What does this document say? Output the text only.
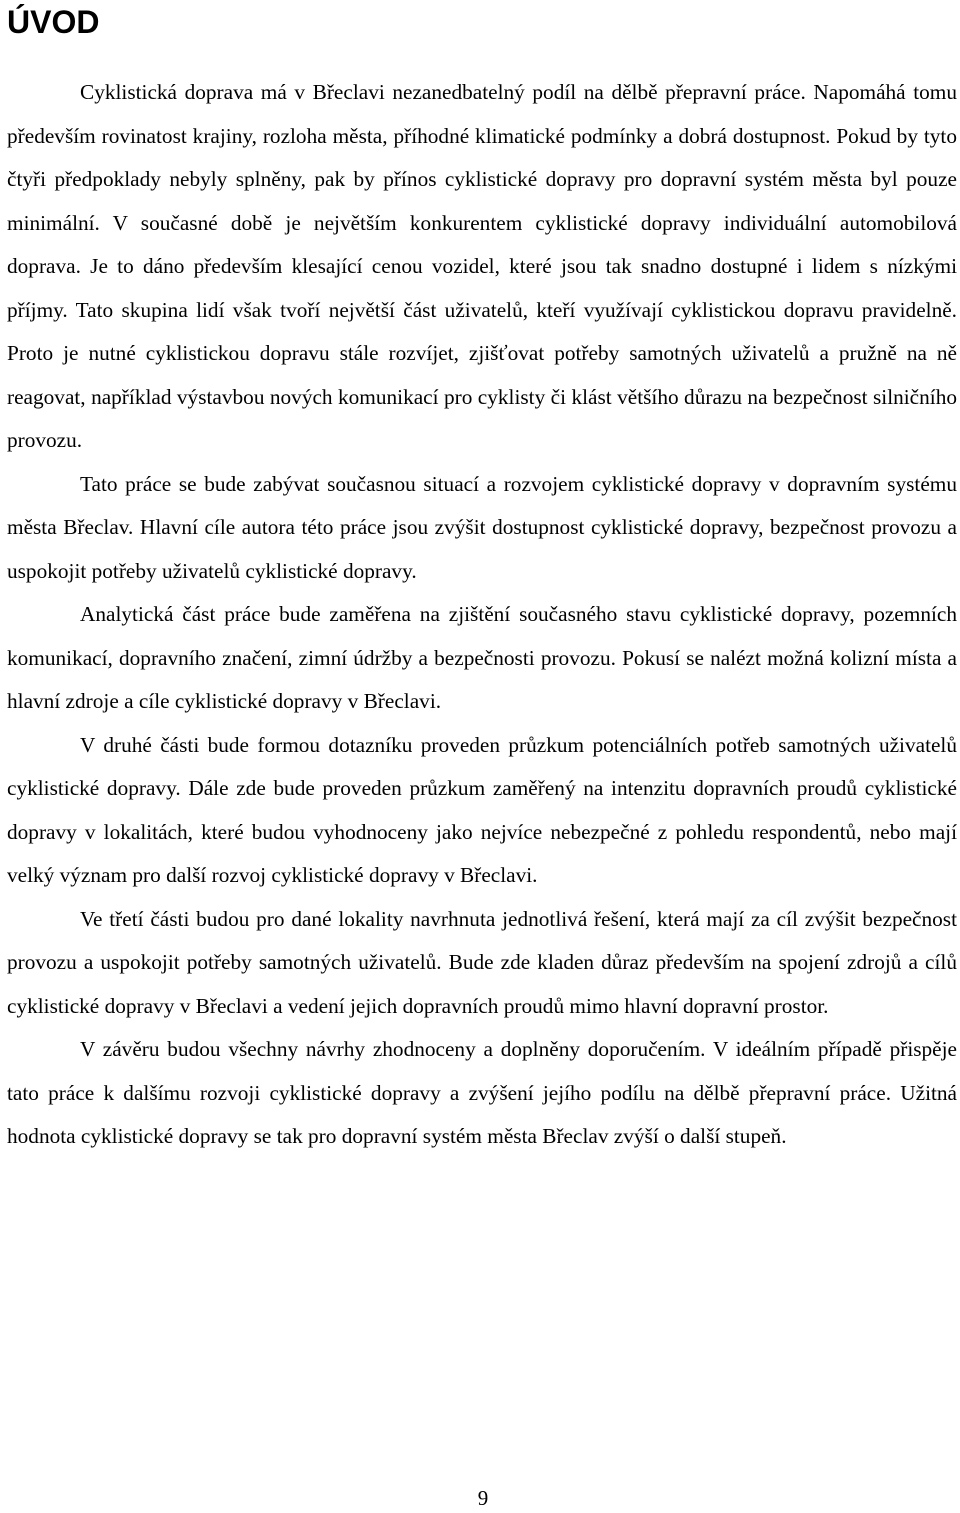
ÚVOD

Cyklistická doprava má v Břeclavi nezanedbatelný podíl na dělbě přepravní práce. Napomáhá tomu především rovinatost krajiny, rozloha města, příhodné klimatické podmínky a dobrá dostupnost. Pokud by tyto čtyři předpoklady nebyly splněny, pak by přínos cyklistické dopravy pro dopravní systém města byl pouze minimální. V současné době je největším konkurentem cyklistické dopravy individuální automobilová doprava. Je to dáno především klesající cenou vozidel, které jsou tak snadno dostupné i lidem s nízkými příjmy. Tato skupina lidí však tvoří největší část uživatelů, kteří využívají cyklistickou dopravu pravidelně. Proto je nutné cyklistickou dopravu stále rozvíjet, zjišťovat potřeby samotných uživatelů a pružně na ně reagovat, například výstavbou nových komunikací pro cyklisty či klást většího důrazu na bezpečnost silničního provozu.

Tato práce se bude zabývat současnou situací a rozvojem cyklistické dopravy v dopravním systému města Břeclav. Hlavní cíle autora této práce jsou zvýšit dostupnost cyklistické dopravy, bezpečnost provozu a uspokojit potřeby uživatelů cyklistické dopravy.

Analytická část práce bude zaměřena na zjištění současného stavu cyklistické dopravy, pozemních komunikací, dopravního značení, zimní údržby a bezpečnosti provozu. Pokusí se nalézt možná kolizní místa a hlavní zdroje a cíle cyklistické dopravy v Břeclavi.

V druhé části bude formou dotazníku proveden průzkum potenciálních potřeb samotných uživatelů cyklistické dopravy. Dále zde bude proveden průzkum zaměřený na intenzitu dopravních proudů cyklistické dopravy v lokalitách, které budou vyhodnoceny jako nejvíce nebezpečné z pohledu respondentů, nebo mají velký význam pro další rozvoj cyklistické dopravy v Břeclavi.

Ve třetí části budou pro dané lokality navrhnuta jednotlivá řešení, která mají za cíl zvýšit bezpečnost provozu a uspokojit potřeby samotných uživatelů. Bude zde kladen důraz především na spojení zdrojů a cílů cyklistické dopravy v Břeclavi a vedení jejich dopravních proudů mimo hlavní dopravní prostor.

V závěru budou všechny návrhy zhodnoceny a doplněny doporučením. V ideálním případě přispěje tato práce k dalšímu rozvoji cyklistické dopravy a zvýšení jejího podílu na dělbě přepravní práce. Užitná hodnota cyklistické dopravy se tak pro dopravní systém města Břeclav zvýší o další stupeň.

9
